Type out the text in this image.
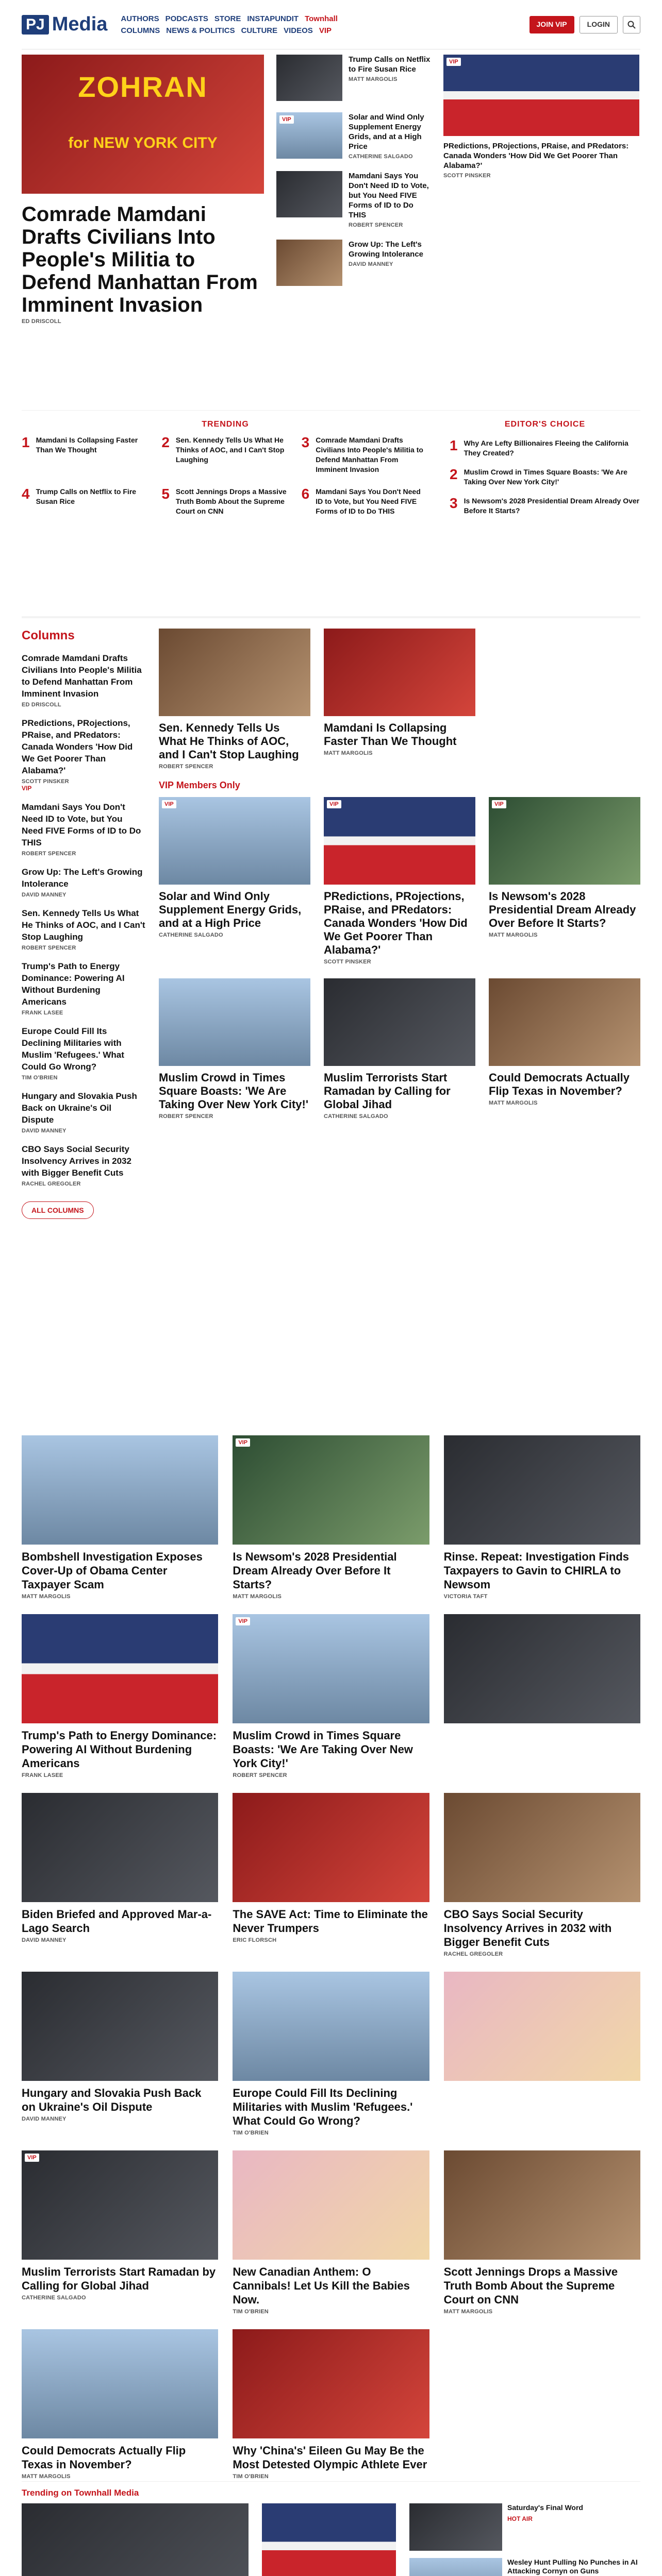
PJ Media AUTHORS PODCASTS STORE INSTAPUNDIT Townhall
COLUMNS NEWS & POLITICS CULTURE VIDEOS VIP
JOIN VIP	LOGIN
ZOHRAN
for NEW YORK CITY
Comrade Mamdani Drafts Civilians Into People's Militia to Defend Manhattan From Imminent Invasion
ED DRISCOLL
Trump Calls on Netflix to Fire Susan Rice
MATT MARGOLIS
VIP	Solar and Wind Only Supplement Energy Grids, and at a High Price
CATHERINE SALGADO
Mamdani Says You Don't Need ID to Vote, but You Need FIVE Forms of ID to Do THIS
ROBERT SPENCER
Grow Up: The Left's Growing Intolerance
DAVID MANNEY
VIP
PRedictions, PRojections, PRaise, and PRedators: Canada Wonders 'How Did We Get Poorer Than Alabama?'
SCOTT PINSKER
TRENDING
1 Mamdani Is Collapsing Faster Than We Thought	2 Sen. Kennedy Tells Us What He Thinks of AOC, and I Can't Stop Laughing
3 Comrade Mamdani Drafts Civilians Into People's Militia to Defend Manhattan From Imminent Invasion
4 Trump Calls on Netflix to Fire Susan Rice	5 Scott Jennings Drops a Massive Truth Bomb About the Supreme Court on CNN
6 Mamdani Says You Don't Need ID to Vote, but You Need FIVE Forms of ID to Do THIS
EDITOR'S CHOICE
1 Why Are Lefty Billionaires Fleeing the California They Created?
2 Muslim Crowd in Times Square Boasts: 'We Are Taking Over New York City!'
3 Is Newsom's 2028 Presidential Dream Already Over Before It Starts?
Columns
Comrade Mamdani Drafts Civilians Into People's Militia to Defend Manhattan From Imminent Invasion
ED DRISCOLL
PRedictions, PRojections, PRaise, and PRedators: Canada Wonders 'How Did We Get Poorer Than Alabama?'
SCOTT PINSKER
VIP
Mamdani Says You Don't Need ID to Vote, but You Need FIVE Forms of ID to Do THIS
ROBERT SPENCER
Grow Up: The Left's Growing Intolerance
DAVID MANNEY
Sen. Kennedy Tells Us What He Thinks of AOC, and I Can't Stop Laughing
ROBERT SPENCER
Trump's Path to Energy Dominance: Powering AI Without Burdening Americans
FRANK LASEE
Europe Could Fill Its Declining Militaries with Muslim 'Refugees.' What Could Go Wrong?
TIM O'BRIEN
Hungary and Slovakia Push Back on Ukraine's Oil Dispute
DAVID MANNEY
CBO Says Social Security Insolvency Arrives in 2032 with Bigger Benefit Cuts
RACHEL GREGOLER
ALL COLUMNS
Sen. Kennedy Tells Us What He Thinks of AOC, and I Can't Stop Laughing
ROBERT SPENCER
Mamdani Is Collapsing Faster Than We Thought
MATT MARGOLIS
VIP Members Only
VIP
Solar and Wind Only Supplement Energy Grids, and at a High Price
CATHERINE SALGADO
VIP
PRedictions, PRojections, PRaise, and PRedators: Canada Wonders 'How Did We Get Poorer Than Alabama?'
SCOTT PINSKER
VIP
Is Newsom's 2028 Presidential Dream Already Over Before It Starts?
MATT MARGOLIS
Muslim Crowd in Times Square Boasts: 'We Are Taking Over New York City!'
ROBERT SPENCER
Muslim Terrorists Start Ramadan by Calling for Global Jihad
CATHERINE SALGADO
Could Democrats Actually Flip Texas in November?
MATT MARGOLIS
Bombshell Investigation Exposes Cover-Up of Obama Center Taxpayer Scam
MATT MARGOLIS
VIP
Is Newsom's 2028 Presidential Dream Already Over Before It Starts?
MATT MARGOLIS
Rinse. Repeat: Investigation Finds Taxpayers to Gavin to CHIRLA to Newsom
VICTORIA TAFT
Trump's Path to Energy Dominance: Powering AI Without Burdening Americans
FRANK LASEE
VIP
Muslim Crowd in Times Square Boasts: 'We Are Taking Over New York City!'
ROBERT SPENCER
Biden Briefed and Approved Mar-a-Lago Search
DAVID MANNEY
The SAVE Act: Time to Eliminate the Never Trumpers
ERIC FLORSCH
CBO Says Social Security Insolvency Arrives in 2032 with Bigger Benefit Cuts
RACHEL GREGOLER
Hungary and Slovakia Push Back on Ukraine's Oil Dispute
DAVID MANNEY
Europe Could Fill Its Declining Militaries with Muslim 'Refugees.' What Could Go Wrong?
TIM O'BRIEN
VIP
Muslim Terrorists Start Ramadan by Calling for Global Jihad
CATHERINE SALGADO
New Canadian Anthem: O Cannibals! Let Us Kill the Babies Now.
TIM O'BRIEN
Scott Jennings Drops a Massive Truth Bomb About the Supreme Court on CNN
MATT MARGOLIS
Could Democrats Actually Flip Texas in November?
MATT MARGOLIS
Why 'China's' Eileen Gu May Be the Most Detested Olympic Athlete Ever
TIM O'BRIEN
Trending on Townhall Media
Saturday's Final Word
HOT AIR
Wesley Hunt Pulling No Punches in AI Attacking Cornyn on Guns
